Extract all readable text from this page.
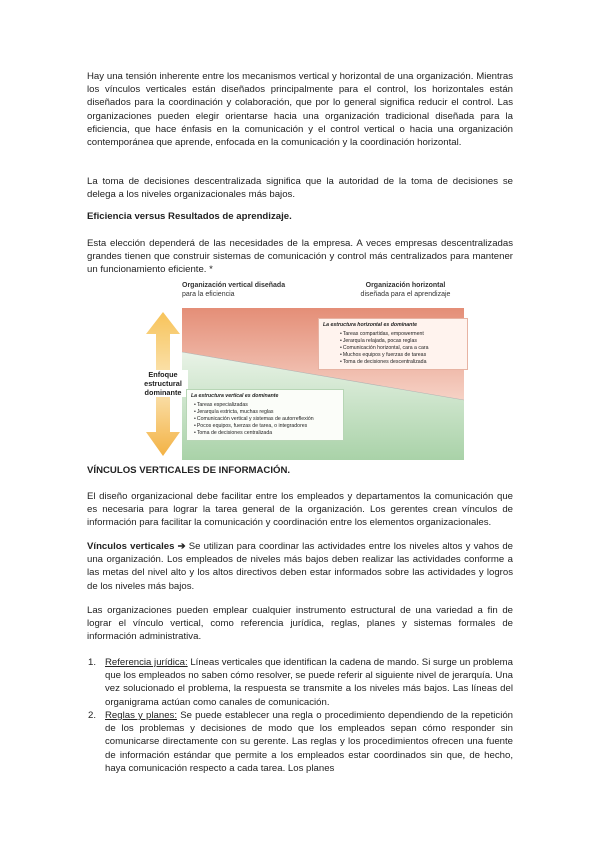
Hay una tensión inherente entre los mecanismos vertical y horizontal de una organización. Mientras los vínculos verticales están diseñados principalmente para el control, los horizontales están diseñados para la coordinación y colaboración, que por lo general significa reducir el control. Las organizaciones pueden elegir orientarse hacia una organización tradicional diseñada para la eficiencia, que hace énfasis en la comunicación y el control vertical o hacia una organización contemporánea que aprende, enfocada en la comunicación y la coordinación horizontal.

La toma de decisiones descentralizada significa que la autoridad de la toma de decisiones se delega a los niveles organizacionales más bajos.

Eficiencia versus Resultados de aprendizaje.

Esta elección dependerá de las necesidades de la empresa. A veces empresas descentralizadas grandes tienen que construir sistemas de comunicación y control más centralizados para mantener un funcionamiento eficiente. *

Organización vertical diseñada
para la eficiencia
Organización horizontal
diseñada para el aprendizaje
Enfoque estructural dominante
La estructura horizontal es dominante
• Tareas compartidas, empowerment
• Jerarquía relajada, pocas reglas
• Comunicación horizontal, cara a cara
• Muchos equipos y fuerzas de tareas
• Toma de decisiones descentralizada
La estructura vertical es dominante
• Tareas especializadas
• Jerarquía estricta, muchas reglas
• Comunicación vertical y sistemas de autorreflexión
• Pocos equipos, fuerzas de tarea, o integradores
• Toma de decisiones centralizada

VÍNCULOS VERTICALES DE INFORMACIÓN.

El diseño organizacional debe facilitar entre los empleados y departamentos la comunicación que es necesaria para lograr la tarea general de la organización. Los gerentes crean vínculos de información para facilitar la comunicación y coordinación entre los elementos organizacionales.

Vínculos verticales ➔ Se utilizan para coordinar las actividades entre los niveles altos y vahos de una organización. Los empleados de niveles más bajos deben realizar las actividades conforme a las metas del nivel alto y los altos directivos deben estar informados sobre las actividades y logros de los niveles más bajos.

Las organizaciones pueden emplear cualquier instrumento estructural de una variedad a fin de lograr el vínculo vertical, como referencia jurídica, reglas, planes y sistemas formales de información administrativa.

1. Referencia jurídica: Líneas verticales que identifican la cadena de mando. Si surge un problema que los empleados no saben cómo resolver, se puede referir al siguiente nivel de jerarquía. Una vez solucionado el problema, la respuesta se transmite a los niveles más bajos. Las líneas del organigrama actúan como canales de comunicación.
2. Reglas y planes: Se puede establecer una regla o procedimiento dependiendo de la repetición de los problemas y decisiones de modo que los empleados sepan cómo responder sin comunicarse directamente con su gerente. Las reglas y los procedimientos ofrecen una fuente de información estándar que permite a los empleados estar coordinados sin que, de hecho, haya comunicación respecto a cada tarea. Los planes
